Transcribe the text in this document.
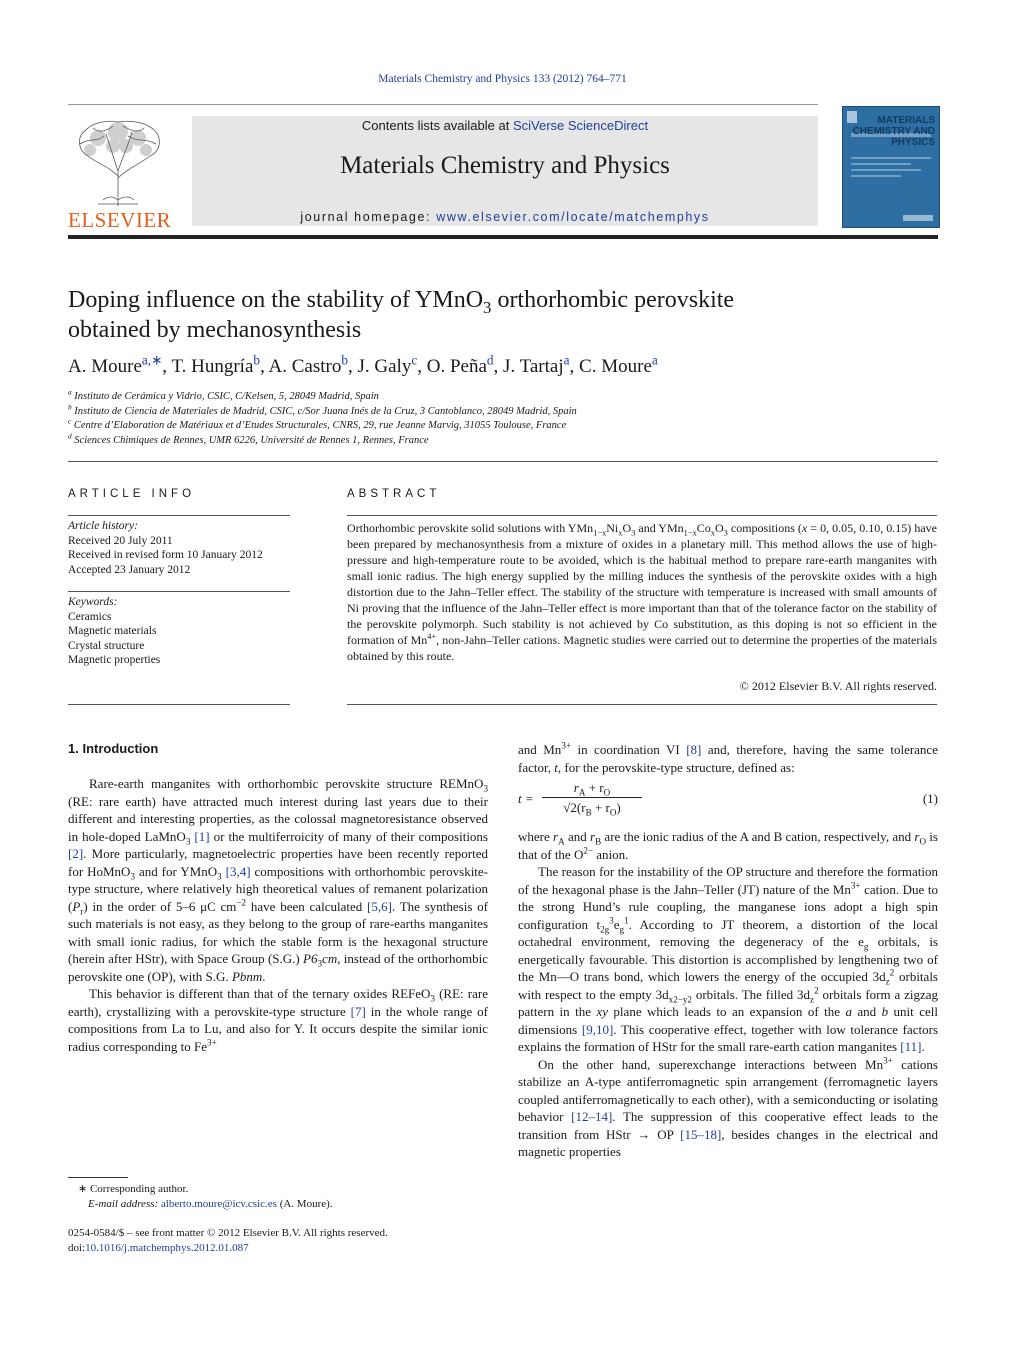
Materials Chemistry and Physics 133 (2012) 764–771
ELSEVIER
Contents lists available at SciVerse ScienceDirect
Materials Chemistry and Physics
journal homepage: www.elsevier.com/locate/matchemphys
MATERIALS CHEMISTRY AND PHYSICS
Doping influence on the stability of YMnO$_3$ orthorhombic perovskite
obtained by mechanosynthesis
A. Moure$^{a,∗}$, T. Hungría$^b$, A. Castro$^b$, J. Galy$^c$, O. Peña$^d$, J. Tartaj$^a$, C. Moure$^a$
$^a$ Instituto de Cerámica y Vidrio, CSIC, C/Kelsen, 5, 28049 Madrid, Spain
$^b$ Instituto de Ciencia de Materiales de Madrid, CSIC, c/Sor Juana Inés de la Cruz, 3 Cantoblanco, 28049 Madrid, Spain
$^c$ Centre d’Elaboration de Matériaux et d’Etudes Structurales, CNRS, 29, rue Jeanne Marvig, 31055 Toulouse, France
$^d$ Sciences Chimiques de Rennes, UMR 6226, Université de Rennes 1, Rennes, France
ARTICLE INFO
Article history:
Received 20 July 2011
Received in revised form 10 January 2012
Accepted 23 January 2012
Keywords:
Ceramics
Magnetic materials
Crystal structure
Magnetic properties
ABSTRACT
Orthorhombic perovskite solid solutions with $YMn_{1-x}Ni_xO_3$ and $YMn_{1-x}Co_xO_3$ compositions (x = 0, 0.05, 0.10, 0.15) have been prepared by mechanosynthesis from a mixture of oxides in a planetary mill. This method allows the use of high-pressure and high-temperature route to be avoided, which is the habitual method to prepare rare-earth manganites with small ionic radius. The high energy supplied by the milling induces the synthesis of the perovskite oxides with a high distortion due to the Jahn–Teller effect. The stability of the structure with temperature is increased with small amounts of Ni proving that the influence of the Jahn–Teller effect is more important than that of the tolerance factor on the stability of the perovskite polymorph. Such stability is not achieved by Co substitution, as this doping is not so efficient in the formation of $Mn^{4+}$, non-Jahn–Teller cations. Magnetic studies were carried out to determine the properties of the materials obtained by this route.
© 2012 Elsevier B.V. All rights reserved.
1. Introduction

Rare-earth manganites with orthorhombic perovskite structure REMnO$_3$ (RE: rare earth) have attracted much interest during last years due to their different and interesting properties, as the colossal magnetoresistance observed in hole-doped LaMnO$_3$ [1] or the multiferroicity of many of their compositions [2]. More particularly, magnetoelectric properties have been recently reported for HoMnO$_3$ and for YMnO$_3$ [3,4] compositions with orthorhombic perovskite-type structure, where relatively high theoretical values of remanent polarization $(P_r)$ in the order of 5–6 μC $cm^{-2}$ have been calculated [5,6]. The synthesis of such materials is not easy, as they belong to the group of rare-earths manganites with small ionic radius, for which the stable form is the hexagonal structure (herein after HStr), with Space Group (S.G.) $P6_3cm$, instead of the orthorhombic perovskite one (OP), with S.G. Pbnm.

This behavior is different than that of the ternary oxides REFeO$_3$ (RE: rare earth), crystallizing with a perovskite-type structure [7] in the whole range of compositions from La to Lu, and also for Y. It occurs despite the similar ionic radius corresponding to $Fe^{3+}$

and $Mn^{3+}$ in coordination VI [8] and, therefore, having the same tolerance factor, t, for the perovskite-type structure, defined as:
$t = \frac{r_A + r_O}{√2(r_B + r_O)}$	(1)

where $r_A$ and $r_B$ are the ionic radius of the A and B cation, respectively, and $r_O$ is that of the $O^{2-}$ anion.

The reason for the instability of the OP structure and therefore the formation of the hexagonal phase is the Jahn–Teller (JT) nature of the $Mn^{3+}$ cation. Due to the strong Hund’s rule coupling, the manganese ions adopt a high spin configuration $t_{2g}^3e_g^1$. According to JT theorem, a distortion of the local octahedral environment, removing the degeneracy of the $e_g$ orbitals, is energetically favourable. This distortion is accomplished by lengthening two of the Mn—O trans bond, which lowers the energy of the occupied $3d_z^2$ orbitals with respect to the empty $3d_{x2-y2}$ orbitals. The filled $3d_z^2$ orbitals form a zigzag pattern in the xy plane which leads to an expansion of the a and b unit cell dimensions [9,10]. This cooperative effect, together with low tolerance factors explains the formation of HStr for the small rare-earth cation manganites [11].

On the other hand, superexchange interactions between $Mn^{3+}$ cations stabilize an A-type antiferromagnetic spin arrangement (ferromagnetic layers coupled antiferromagnetically to each other), with a semiconducting or isolating behavior [12–14]. The suppression of this cooperative effect leads to the transition from HStr → OP [15–18], besides changes in the electrical and magnetic properties

∗ Corresponding author.
E-mail address: alberto.moure@icv.csic.es (A. Moure).
0254-0584/$ – see front matter © 2012 Elsevier B.V. All rights reserved.
doi:10.1016/j.matchemphys.2012.01.087
